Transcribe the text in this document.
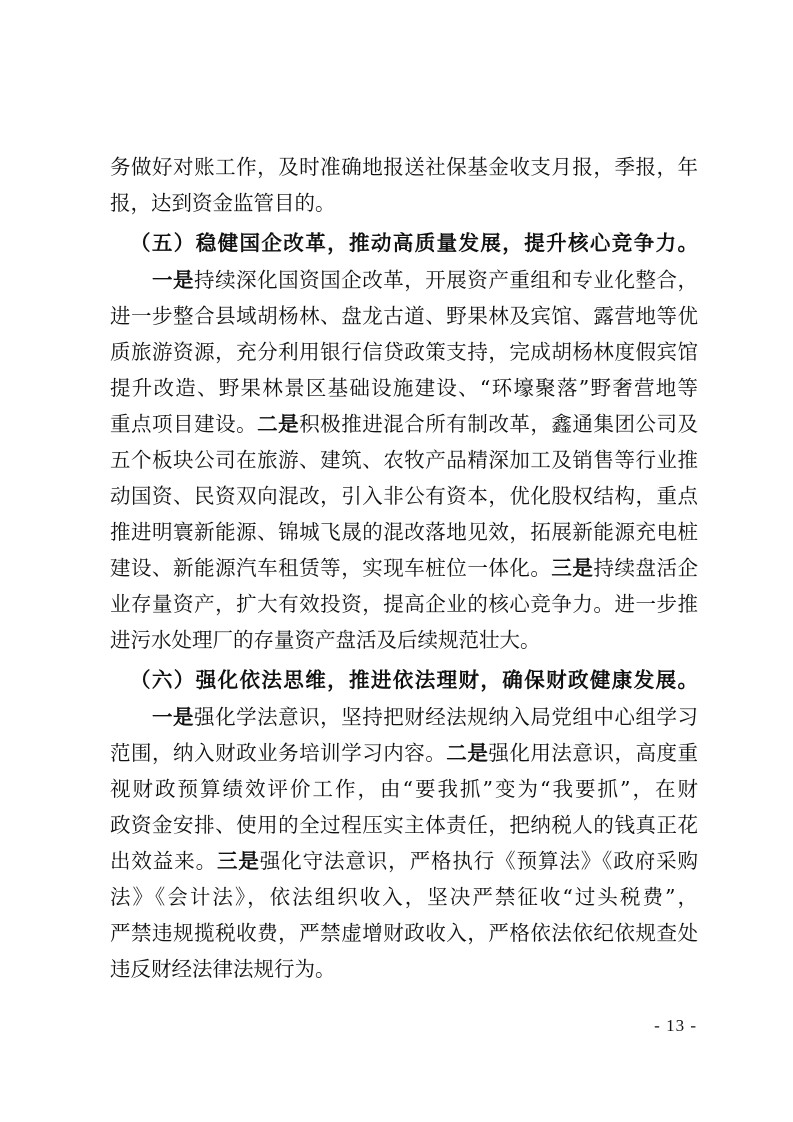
务做好对账工作，及时准确地报送社保基金收支月报，季报，年
报，达到资金监管目的。
（五）稳健国企改革，推动高质量发展，提升核心竞争力。
一是持续深化国资国企改革，开展资产重组和专业化整合，
进一步整合县域胡杨林、盘龙古道、野果林及宾馆、露营地等优
质旅游资源，充分利用银行信贷政策支持，完成胡杨林度假宾馆
提升改造、野果林景区基础设施建设、“环壕聚落”野奢营地等
重点项目建设。二是积极推进混合所有制改革，鑫通集团公司及
五个板块公司在旅游、建筑、农牧产品精深加工及销售等行业推
动国资、民资双向混改，引入非公有资本，优化股权结构，重点
推进明寰新能源、锦城飞晟的混改落地见效，拓展新能源充电桩
建设、新能源汽车租赁等，实现车桩位一体化。三是持续盘活企
业存量资产，扩大有效投资，提高企业的核心竞争力。进一步推
进污水处理厂的存量资产盘活及后续规范壮大。
（六）强化依法思维，推进依法理财，确保财政健康发展。
一是强化学法意识，坚持把财经法规纳入局党组中心组学习
范围，纳入财政业务培训学习内容。二是强化用法意识，高度重
视财政预算绩效评价工作，由“要我抓”变为“我要抓”，在财
政资金安排、使用的全过程压实主体责任，把纳税人的钱真正花
出效益来。三是强化守法意识，严格执行《预算法》《政府采购
法》《会计法》，依法组织收入，坚决严禁征收“过头税费”，
严禁违规揽税收费，严禁虚增财政收入，严格依法依纪依规查处
违反财经法律法规行为。
- 13 -
